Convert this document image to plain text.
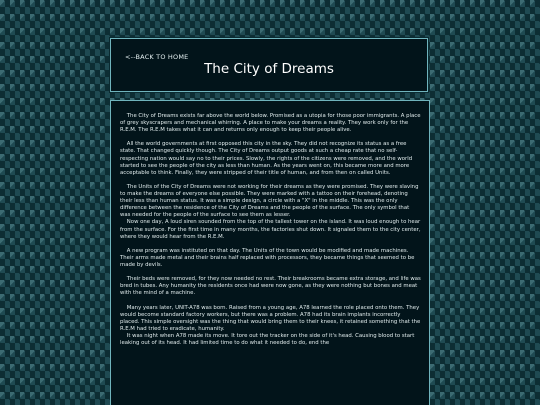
<--BACK TO HOME
The City of Dreams

The City of Dreams exists far above the world below. Promised as a utopia for those poor immigrants. A place of grey skyscrapers and mechanical whirring. A place to make your dreams a reality. They work only for the R.E.M. The R.E.M takes what it can and returns only enough to keep their people alive.

All the world governments at first opposed this city in the sky. They did not recognize its status as a free state. That changed quickly though. The City of Dreams output goods at such a cheap rate that no self-respecting nation would say no to their prices. Slowly, the rights of the citizens were removed, and the world started to see the people of the city as less than human. As the years went on, this became more and more acceptable to think. Finally, they were stripped of their title of human, and from then on called Units.

The Units of the City of Dreams were not working for their dreams as they were promised. They were slaving to make the dreams of everyone else possible. They were marked with a tattoo on their forehead, denoting their less than human status. It was a simple design, a circle with a "X" in the middle. This was the only difference between the residence of the City of Dreams and the people of the surface. The only symbol that was needed for the people of the surface to see them as lesser.

Now one day, A loud siren sounded from the top of the tallest tower on the island. It was loud enough to hear from the surface. For the first time in many months, the factories shut down. It signaled them to the city center, where they would hear from the R.E.M.

A new program was instituted on that day. The Units of the town would be modified and made machines. Their arms made metal and their brains half replaced with processors, they became things that seemed to be made by devils.

Their beds were removed, for they now needed no rest. Their breakrooms became extra storage, and life was bred in tubes. Any humanity the residents once had were now gone, as they were nothing but bones and meat with the mind of a machine.

Many years later, UNIT-A78 was born. Raised from a young age, A78 learned the role placed onto them. They would become standard factory workers, but there was a problem. A78 had its brain implants incorrectly placed. This simple oversight was the thing that would bring them to their knees, it retained something that the R.E.M had tried to eradicate, humanity.

It was night when A78 made its move. It tore out the tracker on the side of it's head. Causing blood to start leaking out of its head. It had limited time to do what it needed to do, end the
